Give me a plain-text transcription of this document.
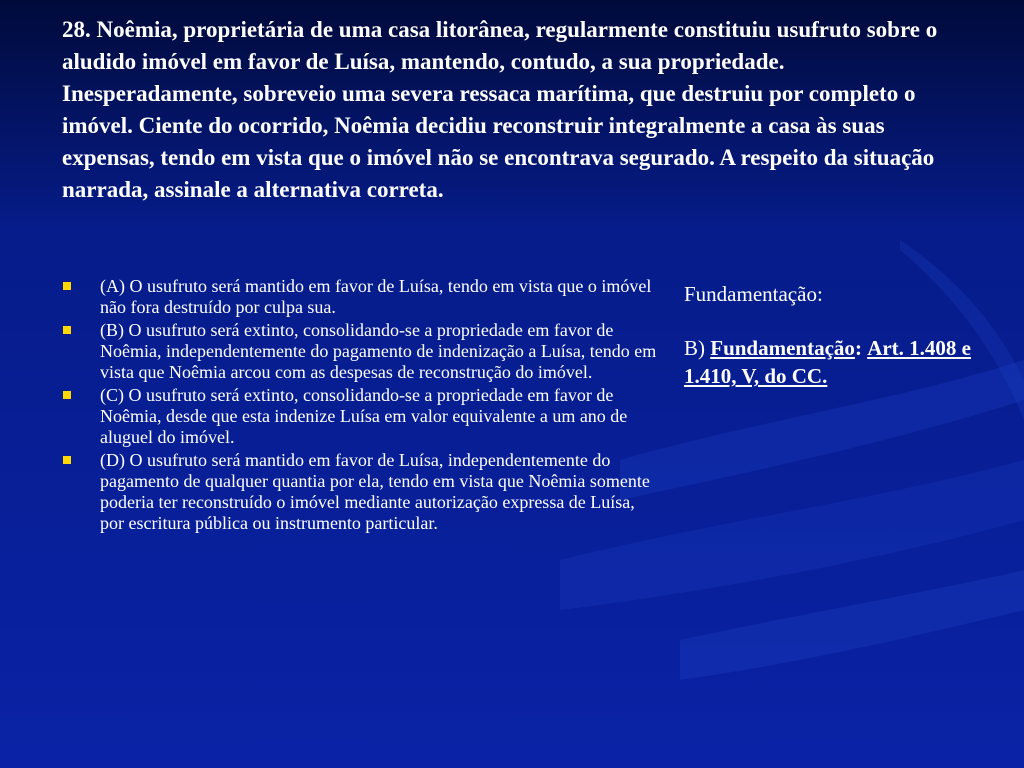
28. Noêmia, proprietária de uma casa litorânea, regularmente constituiu usufruto sobre o aludido imóvel em favor de Luísa, mantendo, contudo, a sua propriedade. Inesperadamente, sobreveio uma severa ressaca marítima, que destruiu por completo o imóvel. Ciente do ocorrido, Noêmia decidiu reconstruir integralmente a casa às suas expensas, tendo em vista que o imóvel não se encontrava segurado. A respeito da situação narrada, assinale a alternativa correta.
(A) O usufruto será mantido em favor de Luísa, tendo em vista que o imóvel não fora destruído por culpa sua.
(B) O usufruto será extinto, consolidando-se a propriedade em favor de Noêmia, independentemente do pagamento de indenização a Luísa, tendo em vista que Noêmia arcou com as despesas de reconstrução do imóvel.
(C) O usufruto será extinto, consolidando-se a propriedade em favor de Noêmia, desde que esta indenize Luísa em valor equivalente a um ano de aluguel do imóvel.
(D) O usufruto será mantido em favor de Luísa, independentemente do pagamento de qualquer quantia por ela, tendo em vista que Noêmia somente poderia ter reconstruído o imóvel mediante autorização expressa de Luísa, por escritura pública ou instrumento particular.

Fundamentação:

B) Fundamentação: Art. 1.408 e 1.410, V, do CC.
